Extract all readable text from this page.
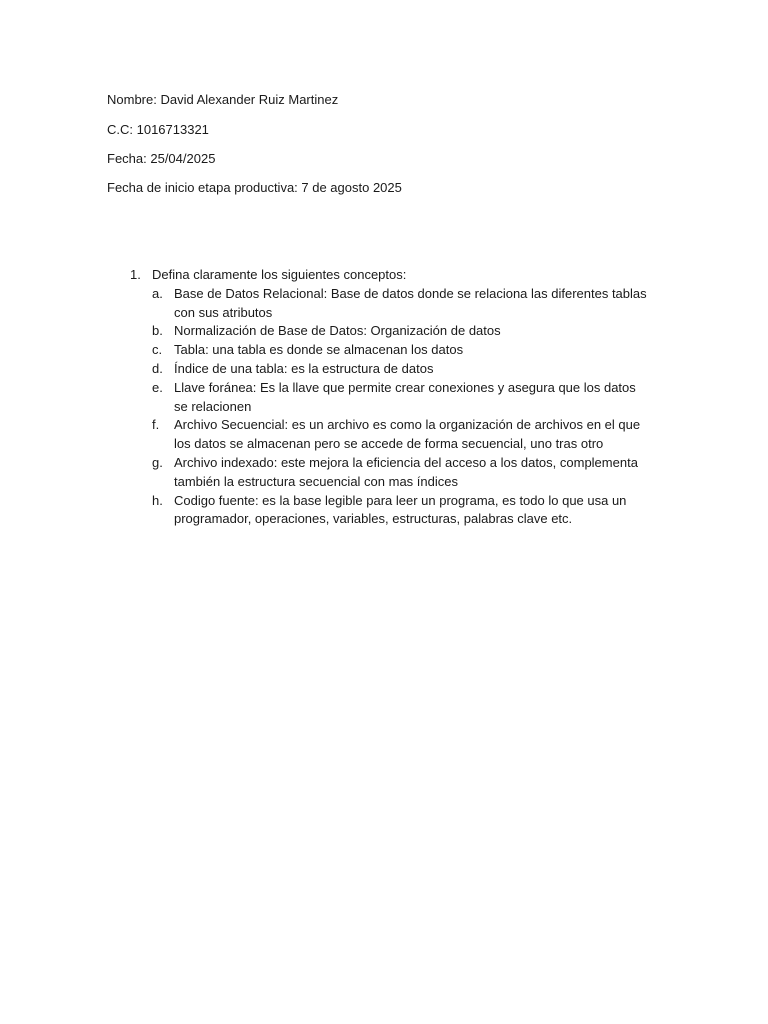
Nombre: David Alexander Ruiz Martinez
C.C: 1016713321
Fecha: 25/04/2025
Fecha de inicio etapa productiva: 7 de agosto 2025
1. Defina claramente los siguientes conceptos:
a. Base de Datos Relacional: Base de datos donde se relaciona las diferentes tablas con sus atributos
b. Normalización de Base de Datos: Organización de datos
c. Tabla: una tabla es donde se almacenan los datos
d. Índice de una tabla: es la estructura de datos
e. Llave foránea: Es la llave que permite crear conexiones y asegura que los datos se relacionen
f.	Archivo Secuencial: es un archivo es como la organización de archivos en el que los datos se almacenan pero se accede de forma secuencial, uno tras otro
g. Archivo indexado: este mejora la eficiencia del acceso a los datos, complementa también la estructura secuencial con mas índices
h. Codigo fuente: es la base legible para leer un programa, es todo lo que usa un programador, operaciones, variables, estructuras, palabras clave etc.
